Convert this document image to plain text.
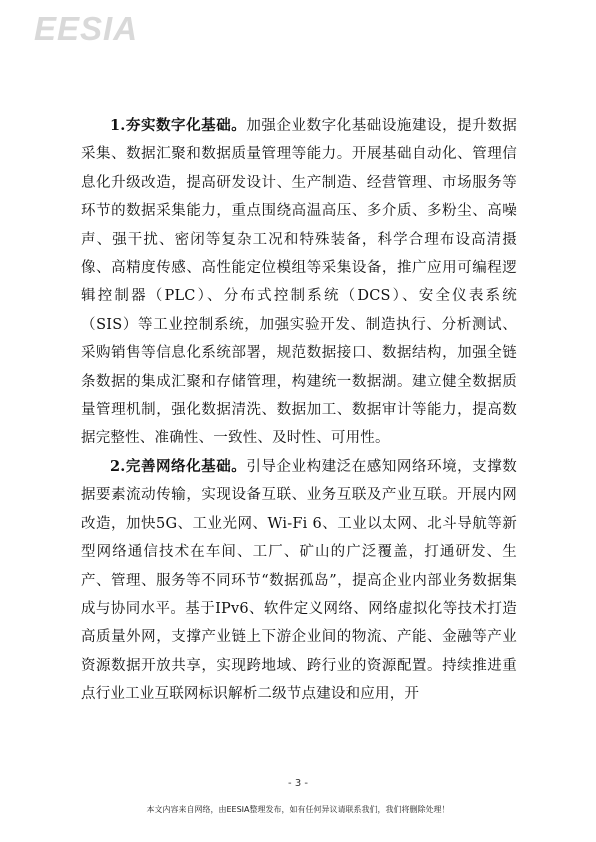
EESIA

1.夯实数字化基础。加强企业数字化基础设施建设，提升数据采集、数据汇聚和数据质量管理等能力。开展基础自动化、管理信息化升级改造，提高研发设计、生产制造、经营管理、市场服务等环节的数据采集能力，重点围绕高温高压、多介质、多粉尘、高噪声、强干扰、密闭等复杂工况和特殊装备，科学合理布设高清摄像、高精度传感、高性能定位模组等采集设备，推广应用可编程逻辑控制器（PLC）、分布式控制系统（DCS）、安全仪表系统（SIS）等工业控制系统，加强实验开发、制造执行、分析测试、采购销售等信息化系统部署，规范数据接口、数据结构，加强全链条数据的集成汇聚和存储管理，构建统一数据湖。建立健全数据质量管理机制，强化数据清洗、数据加工、数据审计等能力，提高数据完整性、准确性、一致性、及时性、可用性。

2.完善网络化基础。引导企业构建泛在感知网络环境，支撑数据要素流动传输，实现设备互联、业务互联及产业互联。开展内网改造，加快5G、工业光网、Wi-Fi 6、工业以太网、北斗导航等新型网络通信技术在车间、工厂、矿山的广泛覆盖，打通研发、生产、管理、服务等不同环节“数据孤岛”，提高企业内部业务数据集成与协同水平。基于IPv6、软件定义网络、网络虚拟化等技术打造高质量外网，支撑产业链上下游企业间的物流、产能、金融等产业资源数据开放共享，实现跨地域、跨行业的资源配置。持续推进重点行业工业互联网标识解析二级节点建设和应用，开

- 3 -
本文内容来自网络，由EESIA整理发布，如有任何异议请联系我们，我们将删除处理！
